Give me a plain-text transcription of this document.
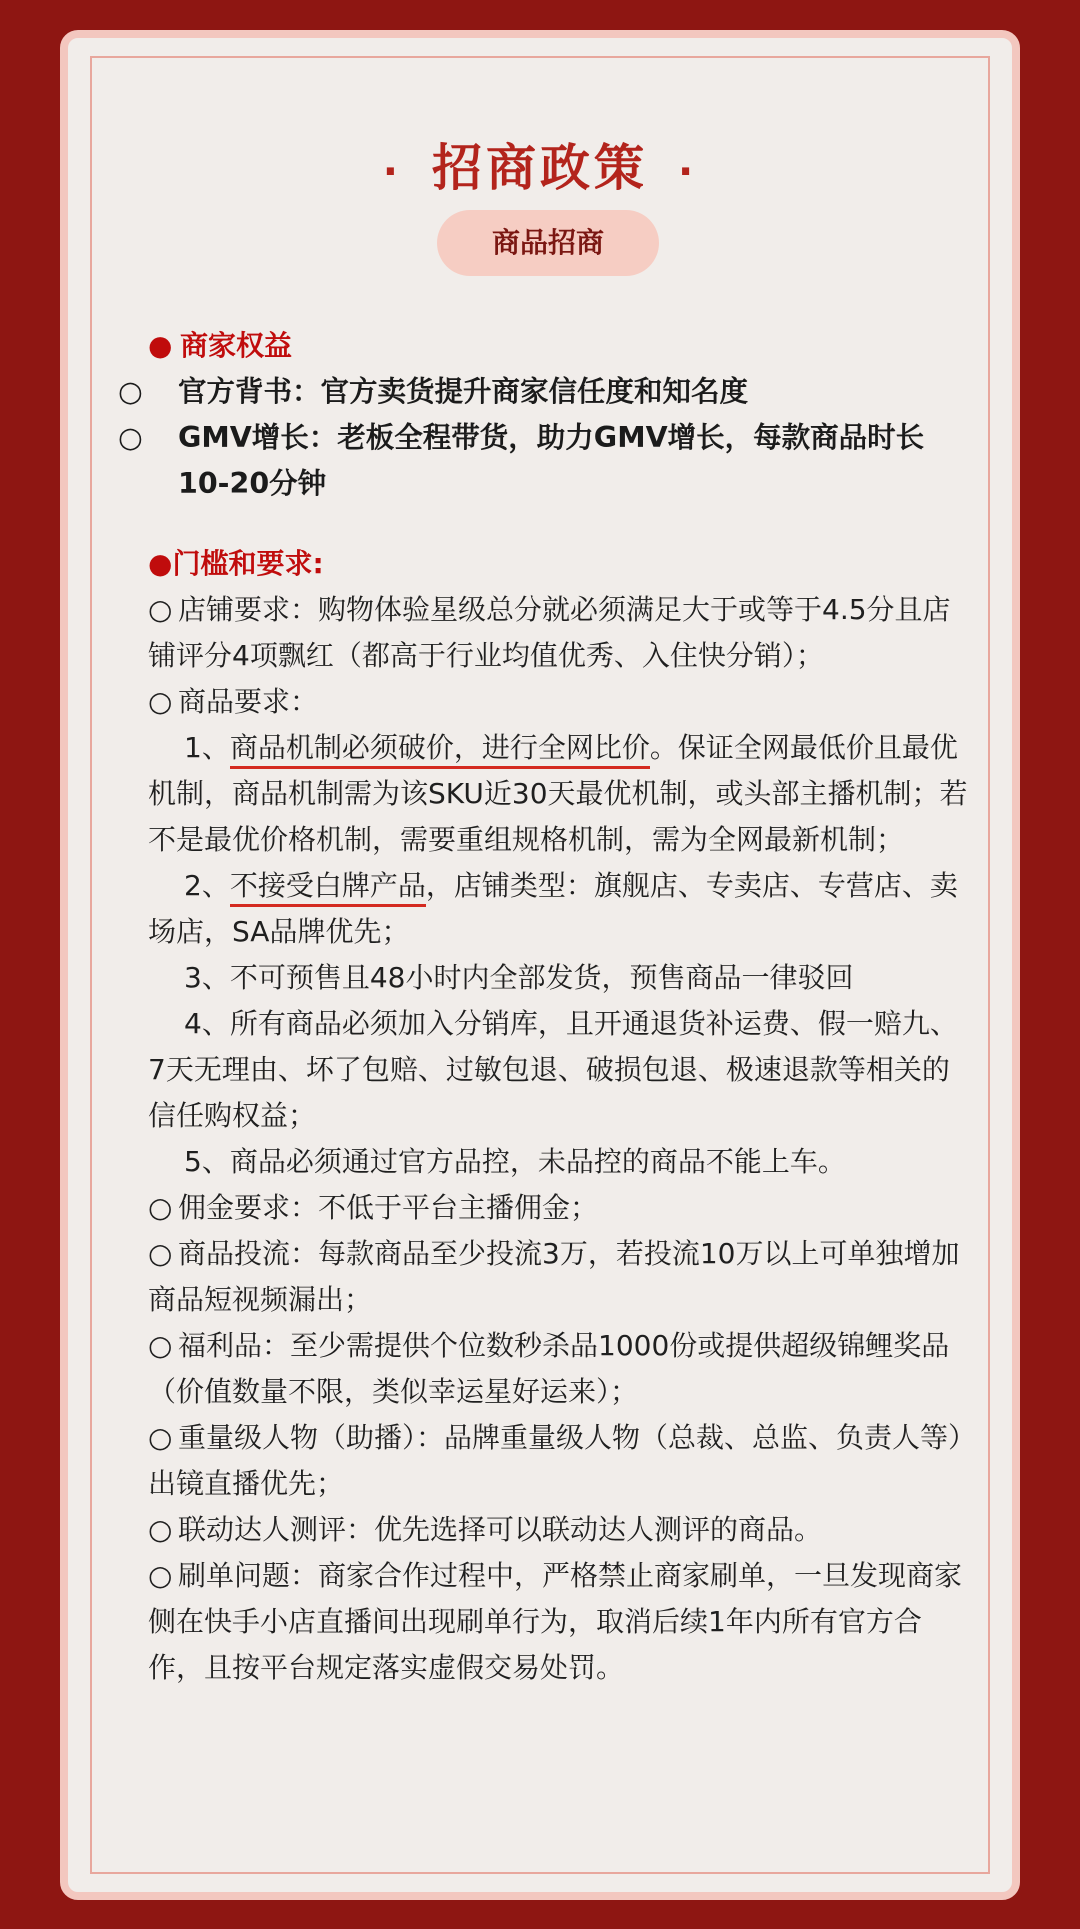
· 招商政策 ·
商品招商

● 商家权益

○ 官方背书：官方卖货提升商家信任度和知名度

○ GMV增长：老板全程带货，助力GMV增长，每款商品时长10-20分钟

●门槛和要求:

○ 店铺要求：购物体验星级总分就必须满足大于或等于4.5分且店铺评分4项飘红（都高于行业均值优秀、入住快分销）；

○ 商品要求：

1、商品机制必须破价，进行全网比价。保证全网最低价且最优机制，商品机制需为该SKU近30天最优机制，或头部主播机制；若不是最优价格机制，需要重组规格机制，需为全网最新机制；

2、不接受白牌产品，店铺类型：旗舰店、专卖店、专营店、卖场店，SA品牌优先；

3、不可预售且48小时内全部发货，预售商品一律驳回

4、所有商品必须加入分销库，且开通退货补运费、假一赔九、7天无理由、坏了包赔、过敏包退、破损包退、极速退款等相关的信任购权益；

5、商品必须通过官方品控，未品控的商品不能上车。

○ 佣金要求：不低于平台主播佣金；

○ 商品投流：每款商品至少投流3万，若投流10万以上可单独增加商品短视频漏出；

○ 福利品：至少需提供个位数秒杀品1000份或提供超级锦鲤奖品（价值数量不限，类似幸运星好运来）；

○ 重量级人物（助播）：品牌重量级人物（总裁、总监、负责人等）出镜直播优先；

○ 联动达人测评：优先选择可以联动达人测评的商品。

○ 刷单问题：商家合作过程中，严格禁止商家刷单，一旦发现商家侧在快手小店直播间出现刷单行为，取消后续1年内所有官方合作，且按平台规定落实虚假交易处罚。
